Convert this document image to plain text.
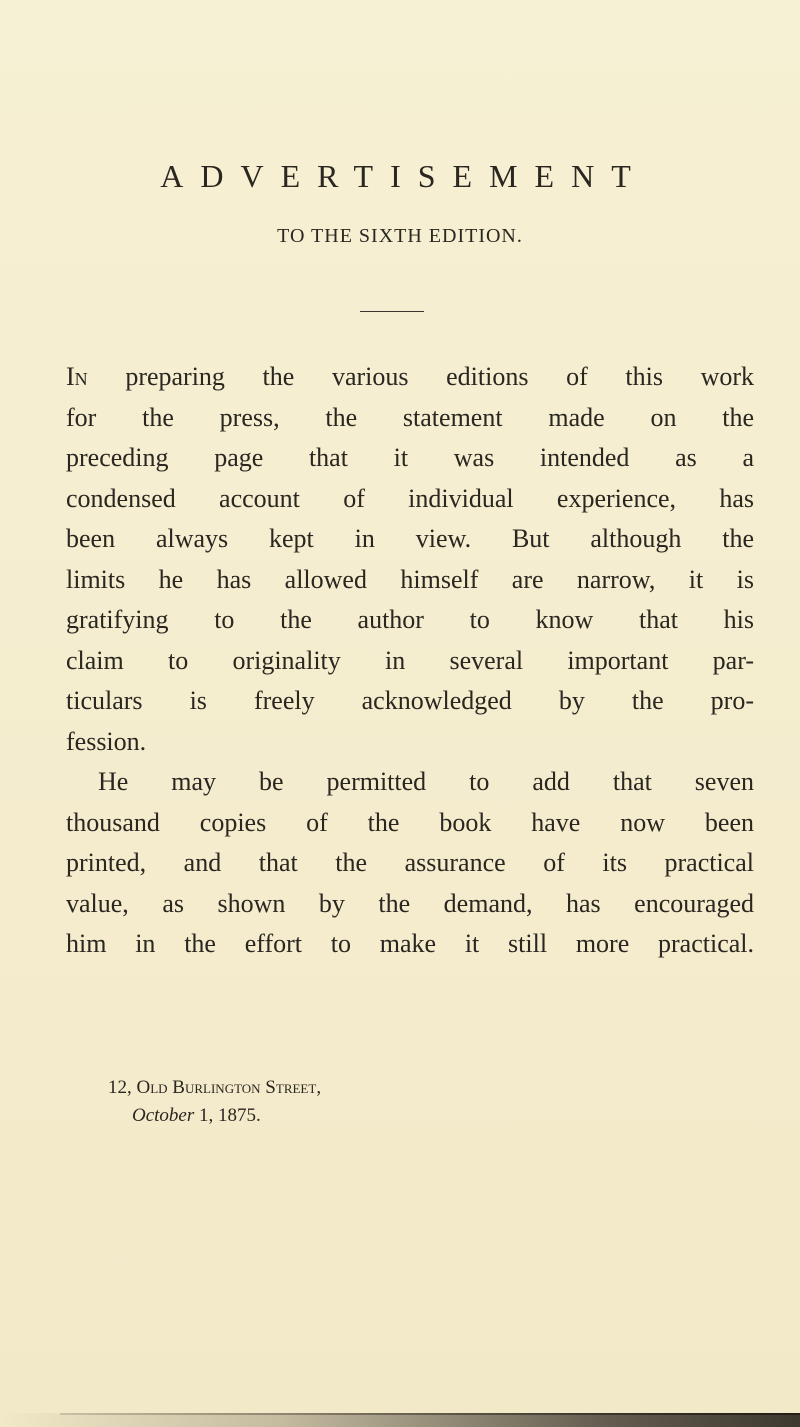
ADVERTISEMENT
TO THE SIXTH EDITION.

In preparing the various editions of this work
for the press, the statement made on the
preceding page that it was intended as a
condensed account of individual experience, has
been always kept in view. But although the
limits he has allowed himself are narrow, it is
gratifying to the author to know that his
claim to originality in several important par-
ticulars is freely acknowledged by the pro-
fession.

He may be permitted to add that seven
thousand copies of the book have now been
printed, and that the assurance of its practical
value, as shown by the demand, has encouraged
him in the effort to make it still more practical.

12, Old Burlington Street,
October 1, 1875.
